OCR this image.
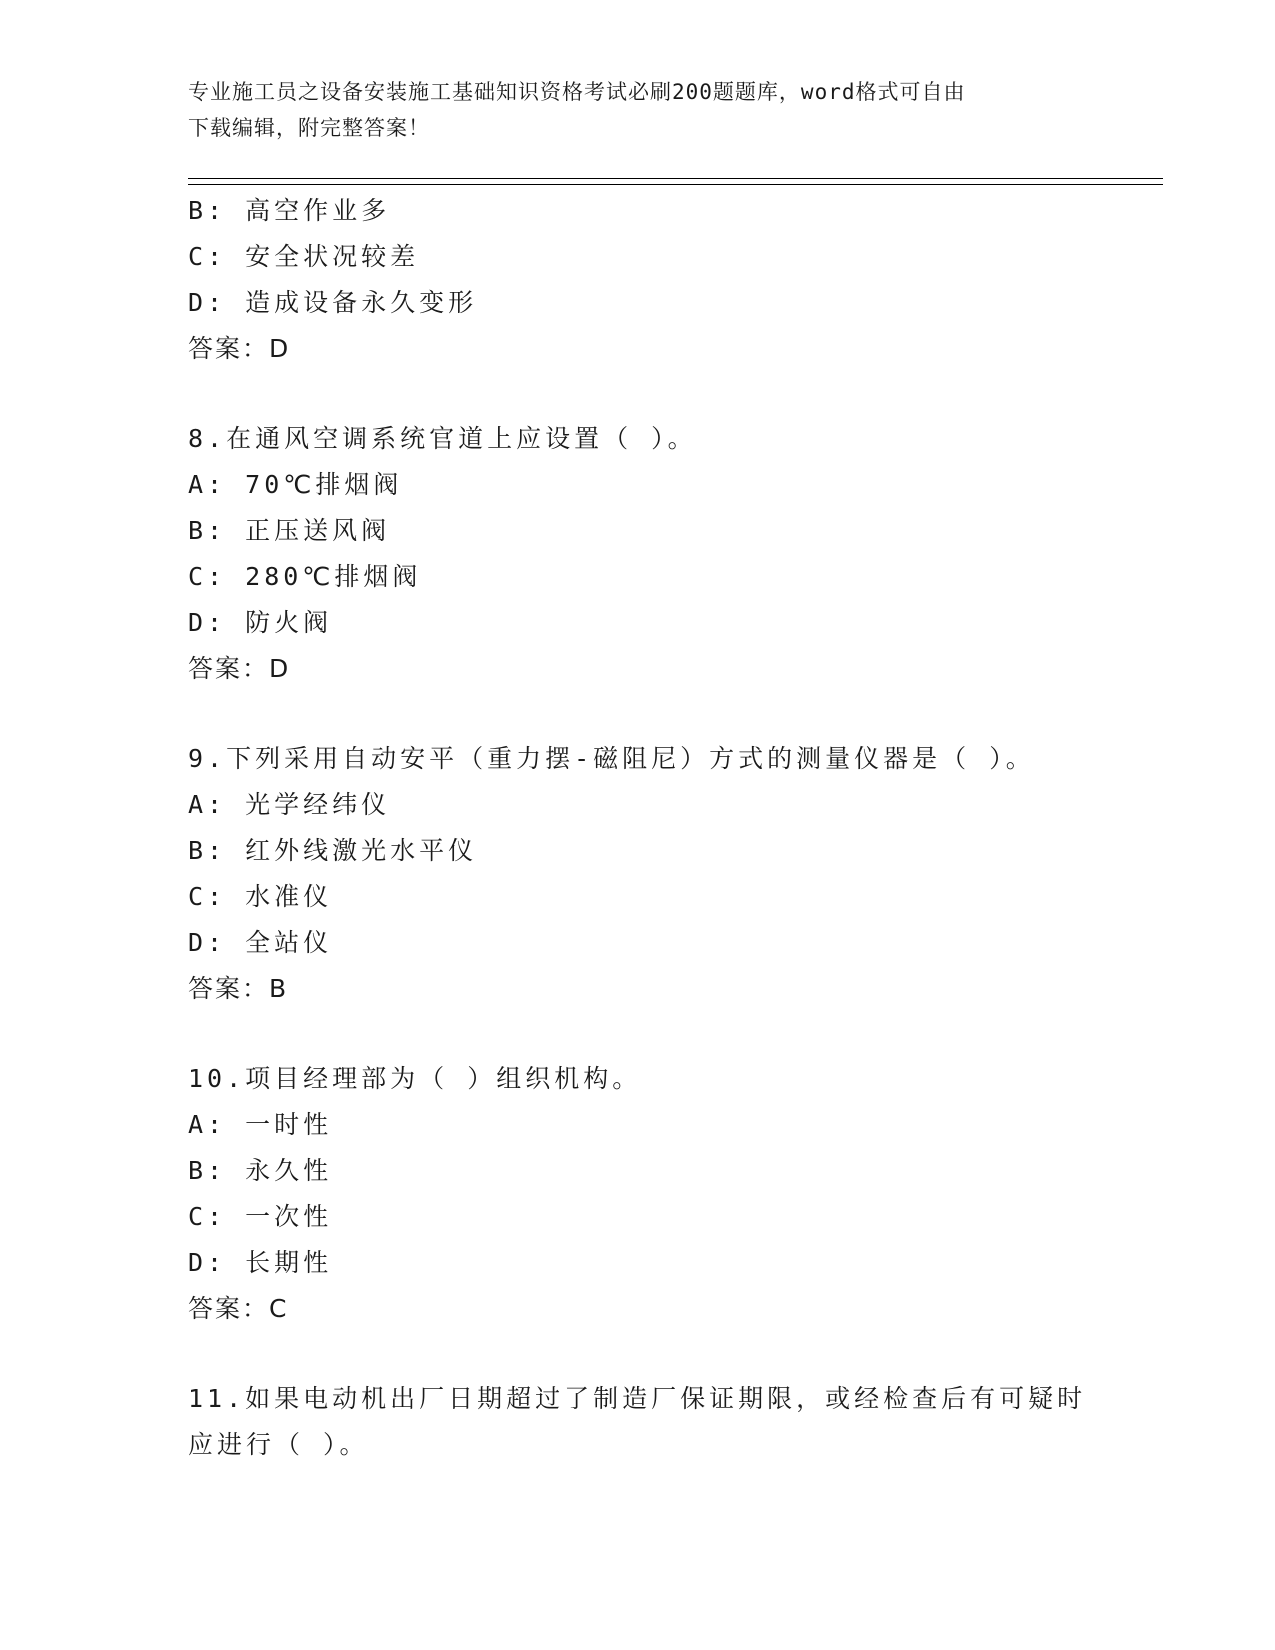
专业施工员之设备安装施工基础知识资格考试必刷200题题库，word格式可自由
下载编辑，附完整答案！
B: 高空作业多
C: 安全状况较差
D: 造成设备永久变形
答案：D
8.在通风空调系统官道上应设置（ ）。
A: 70℃排烟阀
B: 正压送风阀
C: 280℃排烟阀
D: 防火阀
答案：D
9.下列采用自动安平（重力摆-磁阻尼）方式的测量仪器是（ ）。
A: 光学经纬仪
B: 红外线激光水平仪
C: 水准仪
D: 全站仪
答案：B
10.项目经理部为（ ）组织机构。
A: 一时性
B: 永久性
C: 一次性
D: 长期性
答案：C
11.如果电动机出厂日期超过了制造厂保证期限，或经检查后有可疑时
应进行（ ）。
